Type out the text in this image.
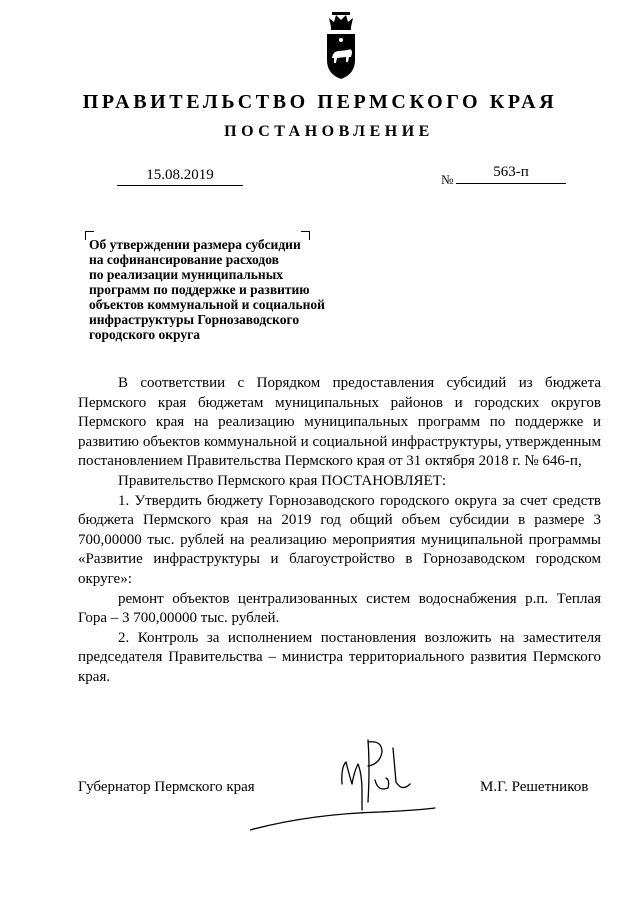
ПРАВИТЕЛЬСТВО ПЕРМСКОГО КРАЯ
ПОСТАНОВЛЕНИЕ
15.08.2019	№	563-п
Об утверждении размера субсидии
на софинансирование расходов
по реализации муниципальных
программ по поддержке и развитию
объектов коммунальной и социальной
инфраструктуры Горнозаводского
городского округа

В соответствии с Порядком предоставления субсидий из бюджета Пермского края бюджетам муниципальных районов и городских округов Пермского края на реализацию муниципальных программ по поддержке и развитию объектов коммунальной и социальной инфраструктуры, утвержденным постановлением Правительства Пермского края от 31 октября 2018 г. № 646-п,

Правительство Пермского края ПОСТАНОВЛЯЕТ:

1. Утвердить бюджету Горнозаводского городского округа за счет средств бюджета Пермского края на 2019 год общий объем субсидии в размере 3 700,00000 тыс. рублей на реализацию мероприятия муниципальной программы «Развитие инфраструктуры и благоустройство в Горнозаводском городском округе»:

ремонт объектов централизованных систем водоснабжения р.п. Теплая Гора – 3 700,00000 тыс. рублей.

2. Контроль за исполнением постановления возложить на заместителя председателя Правительства – министра территориального развития Пермского края.

Губернатор Пермского края	М.Г. Решетников
